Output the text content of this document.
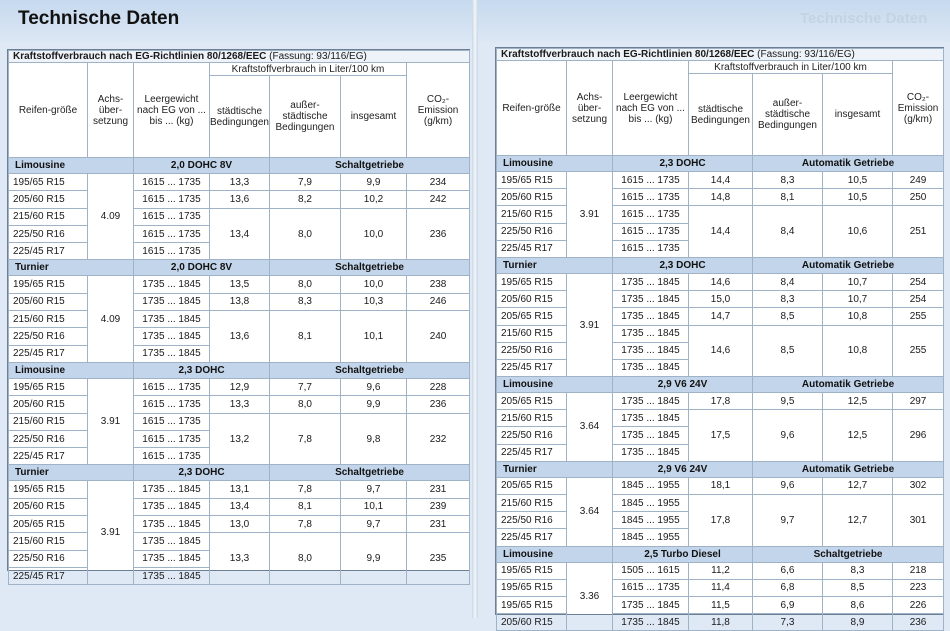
Technische Daten	Technische Daten
Kraftstoffverbrauch nach EG-Richtlinien 80/1268/EEC (Fassung: 93/116/EG)						
Reifen-größe	Achs-über-setzung	Leergewicht nach EG von ... bis ... (kg)	Kraftstoffverbrauch in Liter/100 km			CO₂-Emission (g/km)
			städtische Bedingungen	außer-städtische Bedingungen	insgesamt	
Limousine		2,0 DOHC 8V		Schaltgetriebe		
195/65 R15	4.09	1615 ... 1735	13,3	7,9	9,9	234
205/60 R15		1615 ... 1735	13,6	8,2	10,2	242
215/60 R15		1615 ... 1735	13,4	8,0	10,0	236
225/50 R16		1615 ... 1735				
225/45 R17		1615 ... 1735				
Turnier		2,0 DOHC 8V		Schaltgetriebe		
195/65 R15	4.09	1735 ... 1845	13,5	8,0	10,0	238
205/60 R15		1735 ... 1845	13,8	8,3	10,3	246
215/60 R15		1735 ... 1845	13,6	8,1	10,1	240
225/50 R16		1735 ... 1845				
225/45 R17		1735 ... 1845				
Limousine		2,3 DOHC		Schaltgetriebe		
195/65 R15	3.91	1615 ... 1735	12,9	7,7	9,6	228
205/60 R15		1615 ... 1735	13,3	8,0	9,9	236
215/60 R15		1615 ... 1735	13,2	7,8	9,8	232
225/50 R16		1615 ... 1735				
225/45 R17		1615 ... 1735				
Turnier		2,3 DOHC		Schaltgetriebe		
195/65 R15	3.91	1735 ... 1845	13,1	7,8	9,7	231
205/60 R15		1735 ... 1845	13,4	8,1	10,1	239
205/65 R15		1735 ... 1845	13,0	7,8	9,7	231
215/60 R15		1735 ... 1845	13,3	8,0	9,9	235
225/50 R16		1735 ... 1845				
225/45 R17		1735 ... 1845				
Kraftstoffverbrauch nach EG-Richtlinien 80/1268/EEC (Fassung: 93/116/EG)						
Reifen-größe	Achs-über-setzung	Leergewicht nach EG von ... bis ... (kg)	Kraftstoffverbrauch in Liter/100 km			CO₂-Emission (g/km)
			städtische Bedingungen	außer-städtische Bedingungen	insgesamt	
Limousine		2,3 DOHC		Automatik Getriebe		
195/65 R15	3.91	1615 ... 1735	14,4	8,3	10,5	249
205/60 R15		1615 ... 1735	14,8	8,1	10,5	250
215/60 R15		1615 ... 1735	14,4	8,4	10,6	251
225/50 R16		1615 ... 1735				
225/45 R17		1615 ... 1735				
Turnier		2,3 DOHC		Automatik Getriebe		
195/65 R15	3.91	1735 ... 1845	14,6	8,4	10,7	254
205/60 R15		1735 ... 1845	15,0	8,3	10,7	254
205/65 R15		1735 ... 1845	14,7	8,5	10,8	255
215/60 R15		1735 ... 1845	14,6	8,5	10,8	255
225/50 R16		1735 ... 1845				
225/45 R17		1735 ... 1845				
Limousine		2,9 V6 24V		Automatik Getriebe		
205/65 R15	3.64	1735 ... 1845	17,8	9,5	12,5	297
215/60 R15		1735 ... 1845	17,5	9,6	12,5	296
225/50 R16		1735 ... 1845				
225/45 R17		1735 ... 1845				
Turnier		2,9 V6 24V		Automatik Getriebe		
205/65 R15	3.64	1845 ... 1955	18,1	9,6	12,7	302
215/60 R15		1845 ... 1955	17,8	9,7	12,7	301
225/50 R16		1845 ... 1955				
225/45 R17		1845 ... 1955				
Limousine		2,5 Turbo Diesel		Schaltgetriebe		
195/65 R15	3.36	1505 ... 1615	11,2	6,6	8,3	218
195/65 R15		1615 ... 1735	11,4	6,8	8,5	223
195/65 R15		1735 ... 1845	11,5	6,9	8,6	226
205/60 R15		1735 ... 1845	11,8	7,3	8,9	236
